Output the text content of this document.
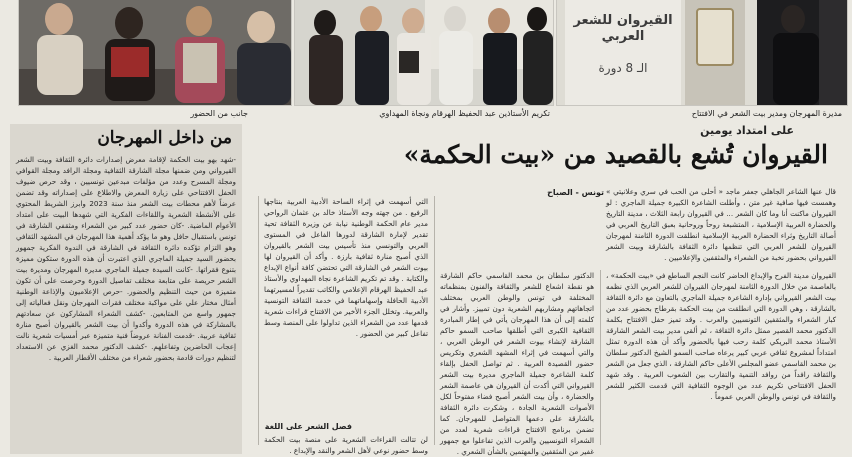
القيروان للشعر العربي
الـ 8 دورة
جانب من الحضور	تكريم الأستاذين عبد الحفيظ الهرقام ونجاة المهداوي	مديرة المهرجان ومدير بيت الشعر في الافتتاح
من داخل المهرجان
-شهد بهو بيت الحكمة لإقامة معرض إصدارات دائرة الثقافة وبيت الشعر القيرواني ومن ضمنها مجلة الشارقة الثقافية ومجلة الرافد ومجلة القوافي ومجلة المسرح وعدد من مؤلفات مبدعين تونسيين ، وقد حرص ضيوف الحفل الافتتاحي على زيارة المعرض والاطلاع على إصداراته وقد تضمن عرضاً لأهم محطات بيت الشعر منذ سنة 2023 وابرز الشريط المحتوي على الأنشطة الشعرية واللقاءات الفكرية التي شهدها البيت على امتداد الأعوام الماضية. -كان حضور عدد كبير من الشعراء ومثقفي الشارقة في تونس باستقبال حافل وهو ما يؤكد أهمية هذا المهرجان في المشهد الثقافي وهو التزام تؤكده دائرة الثقافة في الشارقة في الندوة الفكرية جمهور بحضور السيد جميلة الماجري الذي اعتبرت أن هذه الدورة ستكون مميزة بتنوع فقراتها. -كانت السيدة جميلة الماجري مديرة المهرجان ومديرة بيت الشعر حريصة على متابعة مختلف تفاصيل الدورة وحرصت على أن تكون متميزة من حيث التنظيم والحضور. -حرص الإعلاميون والإذاعة الوطنية أمثال مختار علي على مواكبة مختلف فقرات المهرجان ونقل فعالياته إلى جمهور واسع من المتابعين. -كشف الشعراء المشاركون عن سعادتهم بالمشاركة في هذه الدورة وأكدوا أن بيت الشعر بالقيروان أصبح منارة ثقافية عربية. -قدمت الفنانة عروضاً فنية متميزة عبر أمسيات شعرية نالت إعجاب الحاضرين وتفاعلهم. -كشف الدكتور محمد الغزي عن الاستعداد لتنظيم دورات قادمة بحضور شعراء من مختلف الأقطار العربية .
على امتداد يومين
القيروان تُشع بالقصيد من «بيت الحكمة»
تونس - الصباح قال عنها الشاعر الجاهلي جعفر ماجد « أحلى من الحب في سري وعلانيتي » وهمست فيها صافية غير متن ، وأطلت الشاعرة الكبيرة جميلة الماجري : لو القيروان ماكنت أنا وما كان الشعر ... في القيروان رابعة الثلاث ، مدينة التاريخ والحضارة العربية الإسلامية ، المتشبعة روحاً وروحانية بعبق التاريخ العربي في أصالة التاريخ وثراء الحضارة العربية الإسلامية انطلقت الدورة الثامنة لمهرجان القيروان للشعر العربي التي تنظمها دائرة الثقافة بالشارقة وبيت الشعر القيرواني بحضور نخبة من الشعراء والمثقفين والإعلاميين .
القيروان مدينة الفرح والإبداع الحاضر كانت النجم الساطع في «بيت الحكمة» ، بالعاصمة من خلال الدورة الثامنة لمهرجان القيروان للشعر العربي الذي نظمه بيت الشعر القيرواني بإدارة الشاعرة جميلة الماجري بالتعاون مع دائرة الثقافة بالشارقة ، وهي الدورة التي انطلقت من بيت الحكمة بقرطاج بحضور عدد من كبار الشعراء والمثقفين التونسيين والعرب . وقد تميز حفل الافتتاح بكلمة الدكتور محمد القصير ممثل دائرة الثقافة ، ثم ألقى مدير بيت الشعر الشارقة الأستاذ محمد البريكي كلمة رحب فيها بالحضور وأكد أن هذه الدورة تمثل امتداداً لمشروع ثقافي عربي كبير يرعاه صاحب السمو الشيخ الدكتور سلطان بن محمد القاسمي عضو المجلس الأعلى حاكم الشارقة ، الذي جعل من الشعر والثقافة رافداً من روافد التنمية والتقارب بين الشعوب العربية . وقد شهد الحفل الافتتاحي تكريم عدد من الوجوه الثقافية التي قدمت الكثير للشعر والثقافة في تونس والوطن العربي عموماً .
الدكتور سلطان بن محمد القاسمي حاكم الشارقة هو نقطة اشعاع للشعر والثقافة والفنون بمنظماته المختلفة في تونس والوطن العربي بمختلف اتجاهاتهم ومشاربهم الشعرية دون تمييز. وأشار في كلمته إلى أن هذا المهرجان يأتي في إطار المبادرة الثقافية الكبرى التي أطلقها صاحب السمو حاكم الشارقة لإنشاء بيوت الشعر في الوطن العربي ، والتي أسهمت في إثراء المشهد الشعري وتكريس حضور القصيدة العربية . ثم تواصل الحفل بإلقاء كلمة الشاعرة جميلة الماجري مديرة بيت الشعر القيرواني التي أكدت أن القيروان هي عاصمة الشعر والحضارة ، وأن بيت الشعر أصبح فضاء مفتوحاً لكل الأصوات الشعرية الجادة ، وشكرت دائرة الثقافة بالشارقة على دعمها المتواصل للمهرجان. كما تضمن برنامج الافتتاح قراءات شعرية لعدد من الشعراء التونسيين والعرب الذين تفاعلوا مع جمهور غفير من المثقفين والمهتمين بالشأن الشعري .
التي أسهمت في إثراء الساحة الأدبية العربية بنتاجها الرفيع . من جهته وجه الأستاذ خالد بن عثمان الرواحي مدير عام الحكمة الوطنية نيابة عن وزيرة الثقافة تحية تقدير لإمارة الشارقة لدورها الفاعل في المستوى العربي والتونسي منذ تأسيس بيت الشعر بالقيروان الذي أصبح منارة ثقافية بارزة . وأكد أن القيروان لها بيوت الشعر في الشارقة التي تحتضن كافة أنواع الإبداع والكتابة . وقد تم تكريم الشاعرة نجاة المهداوي والأستاذ عبد الحفيظ الهرقام الإعلامي والكاتب تقديراً لمسيرتهما الأدبية الحافلة وإسهاماتهما في خدمة الثقافة التونسية والعربية. وتخلل الجزء الأخير من الافتتاح قراءات شعرية قدمها عدد من الشعراء الذين تداولوا على المنصة وسط تفاعل كبير من الحضور .
فصل الشعر على اللغة
لن تتالت القراءات الشعرية على منصة بيت الحكمة وسط حضور نوعي لأهل الشعر والنقد والإبداع .
